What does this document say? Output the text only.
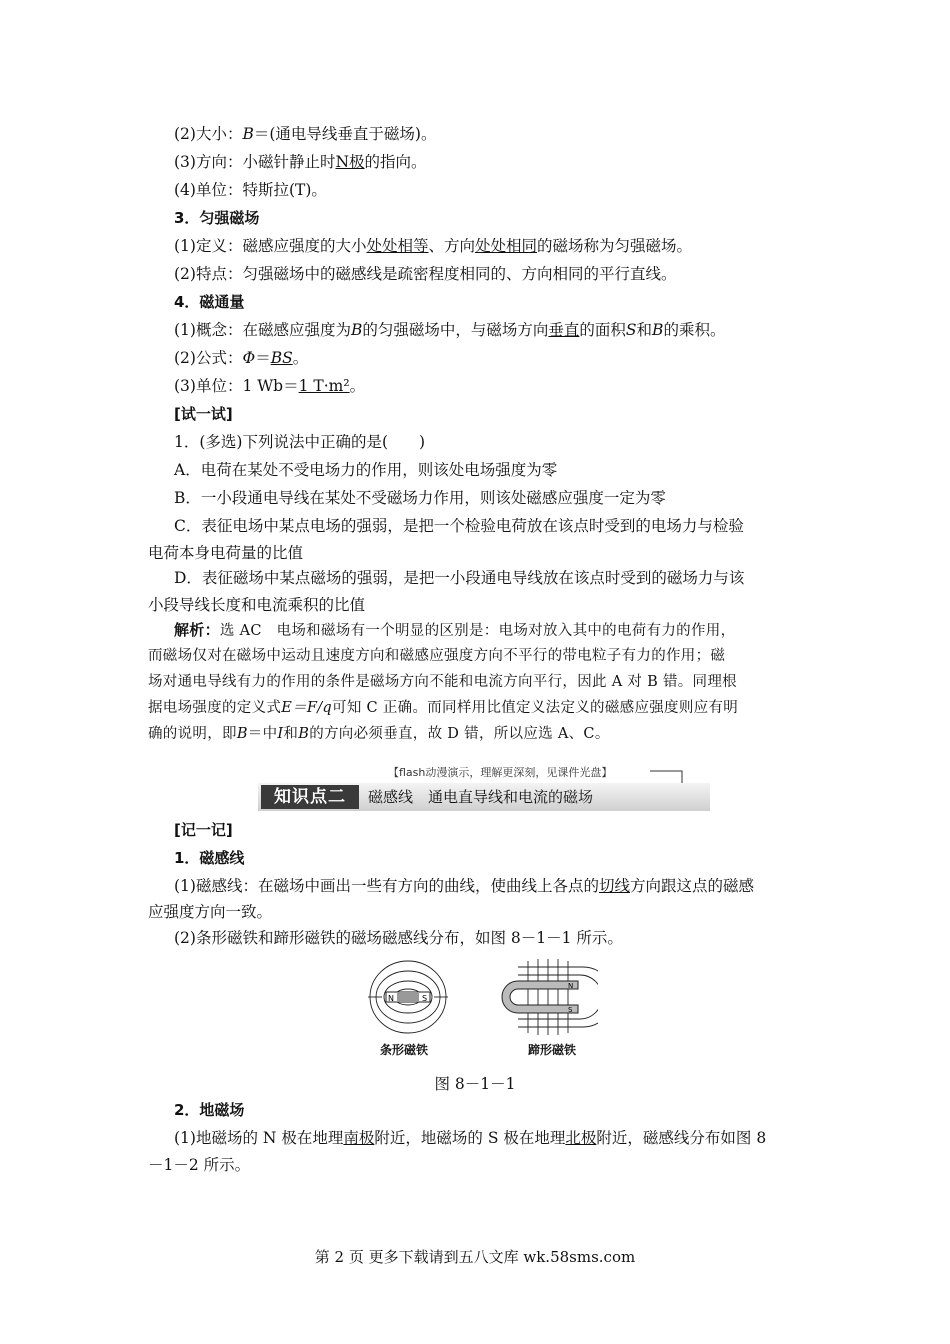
(2)大小：B＝(通电导线垂直于磁场)。
(3)方向：小磁针静止时N极的指向。
(4)单位：特斯拉(T)。
3．匀强磁场
(1)定义：磁感应强度的大小处处相等、方向处处相同的磁场称为匀强磁场。
(2)特点：匀强磁场中的磁感线是疏密程度相同的、方向相同的平行直线。
4．磁通量
(1)概念：在磁感应强度为B的匀强磁场中，与磁场方向垂直的面积S和B的乘积。
(2)公式：Φ＝BS。
(3)单位：1 Wb＝1 T·m²。
[试一试]
1．(多选)下列说法中正确的是(　　)
A．电荷在某处不受电场力的作用，则该处电场强度为零
B．一小段通电导线在某处不受磁场力作用，则该处磁感应强度一定为零
C．表征电场中某点电场的强弱，是把一个检验电荷放在该点时受到的电场力与检验
电荷本身电荷量的比值
D．表征磁场中某点磁场的强弱，是把一小段通电导线放在该点时受到的磁场力与该
小段导线长度和电流乘积的比值
解析：选 AC　电场和磁场有一个明显的区别是：电场对放入其中的电荷有力的作用，
而磁场仅对在磁场中运动且速度方向和磁感应强度方向不平行的带电粒子有力的作用；磁
场对通电导线有力的作用的条件是磁场方向不能和电流方向平行，因此 A 对 B 错。同理根
据电场强度的定义式E＝F/q可知 C 正确。而同样用比值定义法定义的磁感应强度则应有明
确的说明，即B＝中I和B的方向必须垂直，故 D 错，所以应选 A、C。
【flash动漫演示，理解更深刻，见课件光盘】
知识点二	磁感线　通电直导线和电流的磁场
[记一记]
1．磁感线
(1)磁感线：在磁场中画出一些有方向的曲线，使曲线上各点的切线方向跟这点的磁感
应强度方向一致。
(2)条形磁铁和蹄形磁铁的磁场磁感线分布，如图 8－1－1 所示。
N	S
N
S
条形磁铁	蹄形磁铁
图 8－1－1
2．地磁场
(1)地磁场的 N 极在地理南极附近，地磁场的 S 极在地理北极附近，磁感线分布如图 8
－1－2 所示。
第 2 页 更多下载请到五八文库 wk.58sms.com
